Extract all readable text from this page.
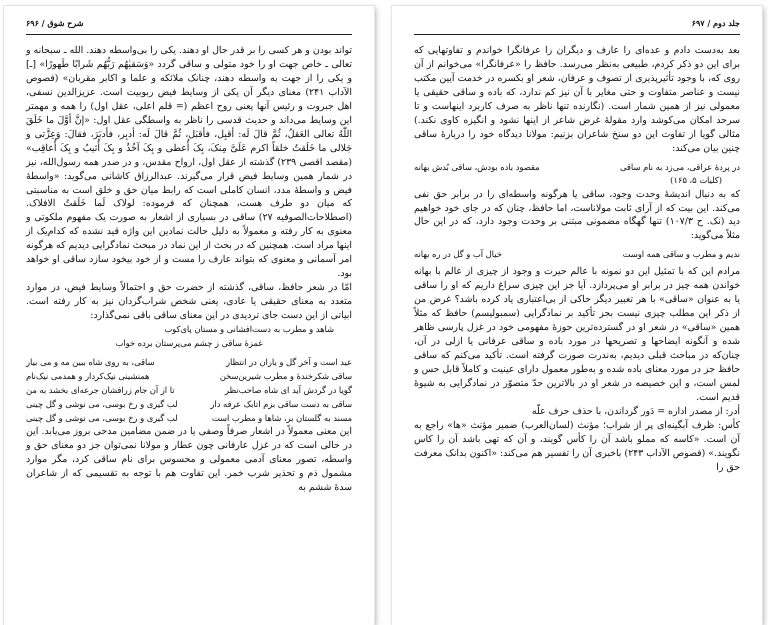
۶۹۶ / شرح شوق

تواند بودن و هر کسی را بر قدر حال او دهند. یکی را بی‌واسطه دهند. الله ـ سبحانه و تعالی ـ خاص جهت او را خود متولی و ساقی گردد «وَسَقیٰهُم رَبُّهُم شَرابًا طَهورًا» [ـ] و یکی را از جهت به واسطه دهند، چنانک ملائکه و علما و اکابر مقربان» (فصوص الآداب ۲۴۱) معنای دیگر آن یکی از وسایط فیض ربوبیت است. عزیزالدین نسفی، اهل جبروت و رئیس آنها یعنی روح اعظم (= قلم اعلی، عقل اول) را همه و مهمتر این وسایط می‌داند و حدیث قدسی را ناظر به واسطگی عقل اول: «إنَّ أوَّلَ ما خَلَقَ اللّٰهُ تعالی العَقلُ، ثُمَّ قالَ لَه: أقبِل، فأقبَل، ثُمَّ قالَ لَه: أدبِر، فأدبَرَ، فقالَ: وَعِزَّتی و جَلالی ما خَلَقتُ خلقاً اکرم عَلَیَّ مِنکَ، بِکَ أُعطی و بِکَ آخُذُ و بِکَ أُثیبُ و بِکَ أُعاقِب» (مقصد اقصی ۲۳۹) گذشته از عقل اول، ارواح مقدس، و در صدر همه رسول‌الله، نیز در شمار همین وسایط فیض قرار می‌گیرند. عبدالرزاق کاشانی می‌گوید: «واسطهٔ فیض و واسطهٔ مدد، انسان کاملی است که رابط میان حق و خلق است به مناسبتی که میان دو طرف هست، همچنان که فرموده: لولاک لَما خَلَقتُ الافلاک. (اصطلاحات‌الصوفیه ۲۷) ساقی در بسیاری از اشعار به صورت یک مفهوم ملکوتی و معنوی به کار رفته و معمولاً به دلیل حالت نمادین این واژه قید نشده که کدام‌یک از اینها مراد است. همچنین که در بحث از این نماد در مبحث نمادگرایی دیدیم که هرگونه امر آسمانی و معنوی که بتواند عارف را مست و از خود بیخود سازد ساقی او خواهد بود.

امّا در شعر حافظ، ساقی، گذشته از حضرت حق و احتمالاً وسایط فیض، در موارد متعدد به معنای حقیقی یا عادی، یعنی شخص شراب‌گردان نیز به کار رفته است. ابیاتی از این دست جای تردیدی در این معنای ساقی باقی نمی‌گذارد:

شاهد و مطرب به دست‌افشانی و مستان پای‌کوب
غمزهٔ ساقی ز چشم می‌پرستان برده خواب
عید است و آخر گل و یاران در انتظار
ساقی، به روی شاه ببین مه و می بیار
ساقی شکرخندهٔ و مطرب شیرین‌سخن
همنشینی نیک‌کردار و همدمی نیک‌نام
گویا در گردش آید ای شاه صاحب‌نظر
تا از آن جام زرافشان جرعه‌ای بخشد به من
ساقی به دست ساقی بزم اتابک عرفه دار
لب گیری و رخ بوسی، می نوشی و گل چینی
مسند به گلستان بر، شاها و مطرب است
لب گیری و رخ بوسی، می نوشی و گل چینی

این معنی معمولاً در اشعار صرفاً وصفی یا در ضمن مضامین مدحی بروز می‌یابد. این در حالی است که در غزل عارفانی چون عطار و مولانا نمی‌توان جز دو معنای حق و واسطه، تصور معنای آدمی معمولی و محسوس برای نام ساقی کرد، مگر موارد مشمول ذم و تحذیر شرب خمر. این تفاوت هم با توجه به تقسیمی که از شاعران سدهٔ ششم به

جلد دوم / ۶۹۷

بعد به‌دست دادم و عده‌ای را عارف و دیگران را عرفانگرا خواندم و تفاوتهایی که برای این دو ذکر کردم، طبیعی به‌نظر می‌رسد. حافظ را «عرفانگرا» می‌خوانم از آن روی که، با وجود تأثیرپذیری از تصوف و عرفان، شعر او بکسره در خدمت آیین مکتب نیست و عناصر متفاوت و حتی مغایر با آن نیز کم ندارد، که باده و ساقی حقیقی یا معمولی نیز از همین شمار است. (نگارنده تنها ناظر به صرف کاربرد اینهاست و تا سرحد امکان می‌کوشد وارد مقولهٔ غرض شاعر از اینها نشود و انگیزه کاوی نکند.) مثالی گویا از تفاوت این دو سنخ شاعران بزنیم: مولانا دیدگاه خود را دربارهٔ ساقی چنین بیان می‌کند:

در پردهٔ عراقی، می‌زد به نام ساقی
مقصود باده بودش، ساقی بُدش بهانه
(کلیات ۵، ۱۶۵)

که به دنبال اندیشهٔ وحدت وجود، ساقی یا هرگونه واسطه‌ای را در برابر حق نفی می‌کند. این بیت که از آرای ثابت مولاناست، اما حافظ، چنان که در جای خود خواهیم دید (نک. ح ۱۰۷/۳) تنها گهگاه مضمونی مبتنی بر وحدت وجود دارد، که در این حال مثلاً می‌گوید:

ندیم و مطرب و ساقی همه اوست
خیال آب و گل در ره بهانه

مرادم این که با تمثیل این دو نمونه با عالم حیرت و وجود از چیزی از عالم با بهانه خواندن همه چیز در برابر او می‌پردازد. آیا جز این چیزی سراغ داریم که او را ساقی یا به عنوان «ساقی» با هر تعبیر دیگر حاکی از بی‌اعتباری یاد کرده باشد؟ غرض من از ذکر این مطلب چیزی نیست بجز تأکید بر نمادگرایی (سمبولیسم) حافظ که مثلاً همین «ساقی» در شعر او در گسترده‌ترین حوزهٔ مفهومی خود در غزل پارسی ظاهر شده و آنگونه ایضاحها و تصریحها در مورد باده و ساقی عرفانی یا ازلی در آن، چنان‌که در مباحث قبلی دیدیم، به‌ندرت صورت گرفته است. تأکید می‌کنم که ساقی حافظ جز در مورد معنای باده شده و به‌طور معمول دارای عینیت و کاملاً قابل حس و لمس است، و این خصیصه در شعر او در بالاترین حدّ متصوّر در نمادگرایی به شیوهٔ قدیم است.

أدر: از مصدر اداره = دَور گرداندن، با حذف حرف علّه

کأس: ظرف آبگینه‌ای پر از شراب؛ مؤنث (لسان‌العرب) ضمیر مؤنث «ها» راجع به آن است. «کاسه که مملو باشد آن را کأس گویند، و آن که تهی باشد آن را کاس نگویند.» (فصوص الآداب ۲۴۳) باخبری آن را تفسیر هم می‌کند: «اکنون بدانک معرفت حق را
